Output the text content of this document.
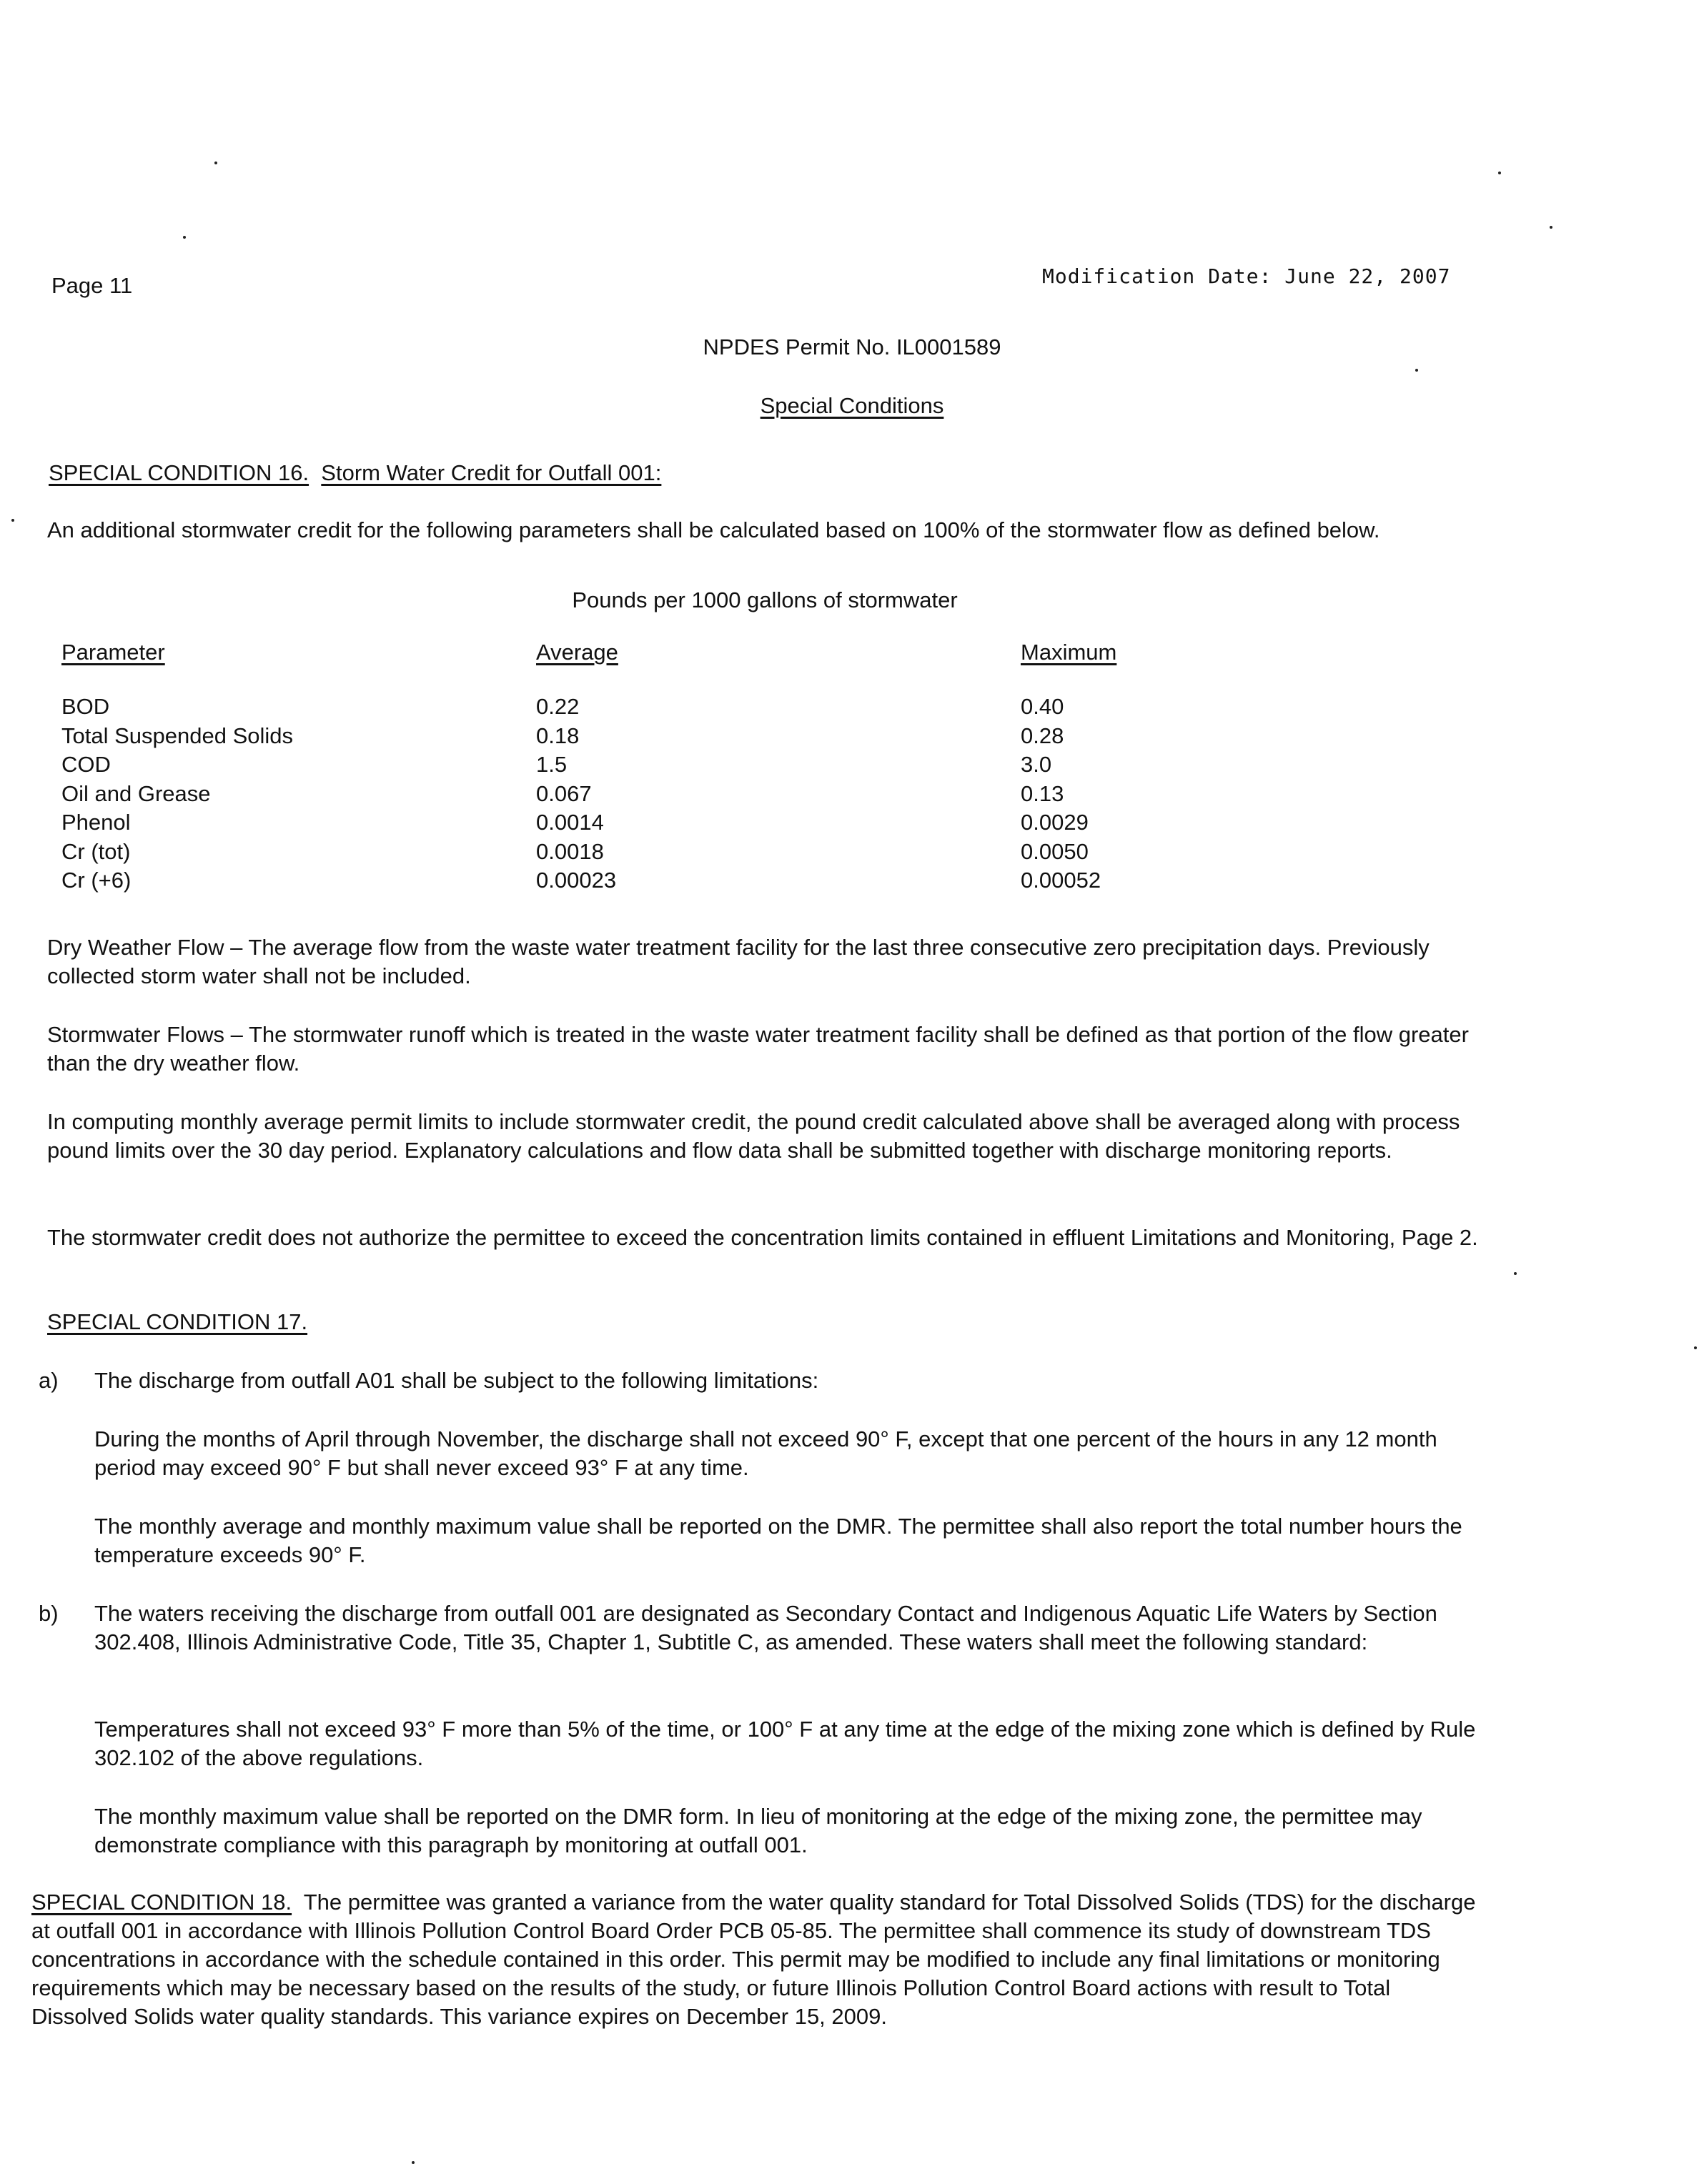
Page 11	Modification Date: June 22, 2007
NPDES Permit No. IL0001589
Special Conditions
SPECIAL CONDITION 16. Storm Water Credit for Outfall 001:
An additional stormwater credit for the following parameters shall be calculated based on 100% of the stormwater flow as defined below.
Pounds per 1000 gallons of stormwater
Parameter	Average	Maximum
BOD	0.22	0.40
Total Suspended Solids	0.18	0.28
COD	1.5	3.0
Oil and Grease	0.067	0.13
Phenol	0.0014	0.0029
Cr (tot)	0.0018	0.0050
Cr (+6)	0.00023	0.00052
Dry Weather Flow – The average flow from the waste water treatment facility for the last three consecutive zero precipitation days. Previously collected storm water shall not be included.
Stormwater Flows – The stormwater runoff which is treated in the waste water treatment facility shall be defined as that portion of the flow greater than the dry weather flow.
In computing monthly average permit limits to include stormwater credit, the pound credit calculated above shall be averaged along with process pound limits over the 30 day period. Explanatory calculations and flow data shall be submitted together with discharge monitoring reports.
The stormwater credit does not authorize the permittee to exceed the concentration limits contained in effluent Limitations and Monitoring, Page 2.
SPECIAL CONDITION 17.
a) The discharge from outfall A01 shall be subject to the following limitations:
During the months of April through November, the discharge shall not exceed 90° F, except that one percent of the hours in any 12 month period may exceed 90° F but shall never exceed 93° F at any time.
The monthly average and monthly maximum value shall be reported on the DMR. The permittee shall also report the total number hours the temperature exceeds 90° F.
b) The waters receiving the discharge from outfall 001 are designated as Secondary Contact and Indigenous Aquatic Life Waters by Section 302.408, Illinois Administrative Code, Title 35, Chapter 1, Subtitle C, as amended. These waters shall meet the following standard:
Temperatures shall not exceed 93° F more than 5% of the time, or 100° F at any time at the edge of the mixing zone which is defined by Rule 302.102 of the above regulations.
The monthly maximum value shall be reported on the DMR form. In lieu of monitoring at the edge of the mixing zone, the permittee may demonstrate compliance with this paragraph by monitoring at outfall 001.
SPECIAL CONDITION 18. The permittee was granted a variance from the water quality standard for Total Dissolved Solids (TDS) for the discharge at outfall 001 in accordance with Illinois Pollution Control Board Order PCB 05-85. The permittee shall commence its study of downstream TDS concentrations in accordance with the schedule contained in this order. This permit may be modified to include any final limitations or monitoring requirements which may be necessary based on the results of the study, or future Illinois Pollution Control Board actions with result to Total Dissolved Solids water quality standards. This variance expires on December 15, 2009.
